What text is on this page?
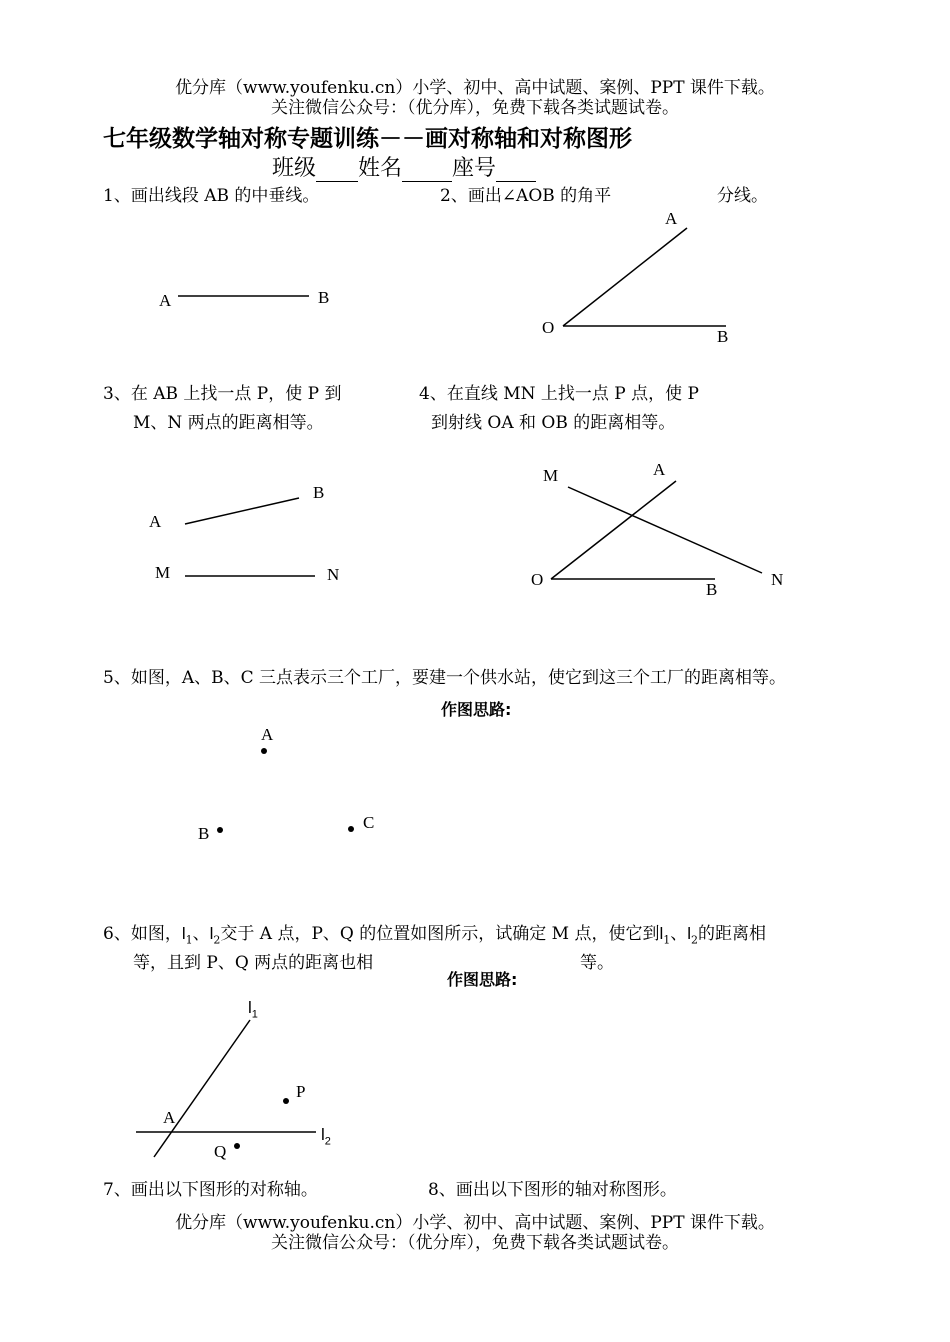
优分库（www.youfenku.cn）小学、初中、高中试题、案例、PPT 课件下载。
关注微信公众号：（优分库），免费下载各类试题试卷。
七年级数学轴对称专题训练－－画对称轴和对称图形
班级 姓名 座号
1、画出线段 AB 的中垂线。	2、画出∠AOB 的角平	分线。
3、在 AB 上找一点 P，使 P 到
M、N 两点的距离相等。
4、在直线 MN 上找一点 P 点，使 P
到射线 OA 和 OB 的距离相等。
5、如图，A、B、C 三点表示三个工厂，要建一个供水站，使它到这三个工厂的距离相等。
作图思路:
6、如图，$l_1$、$l_2$交于 A 点，P、Q 的位置如图所示，试确定 M 点，使它到$l_1$、$l_2$的距离相
等，且到 P、Q 两点的距离也相	等。
作图思路:
7、画出以下图形的对称轴。	8、画出以下图形的轴对称图形。
优分库（www.youfenku.cn）小学、初中、高中试题、案例、PPT 课件下载。
关注微信公众号：（优分库），免费下载各类试题试卷。
A	B
A
O	B
B
A
M	N
M	A
O
B
N
A
B
C
$l_1$
$l_2$
A
P
Q
